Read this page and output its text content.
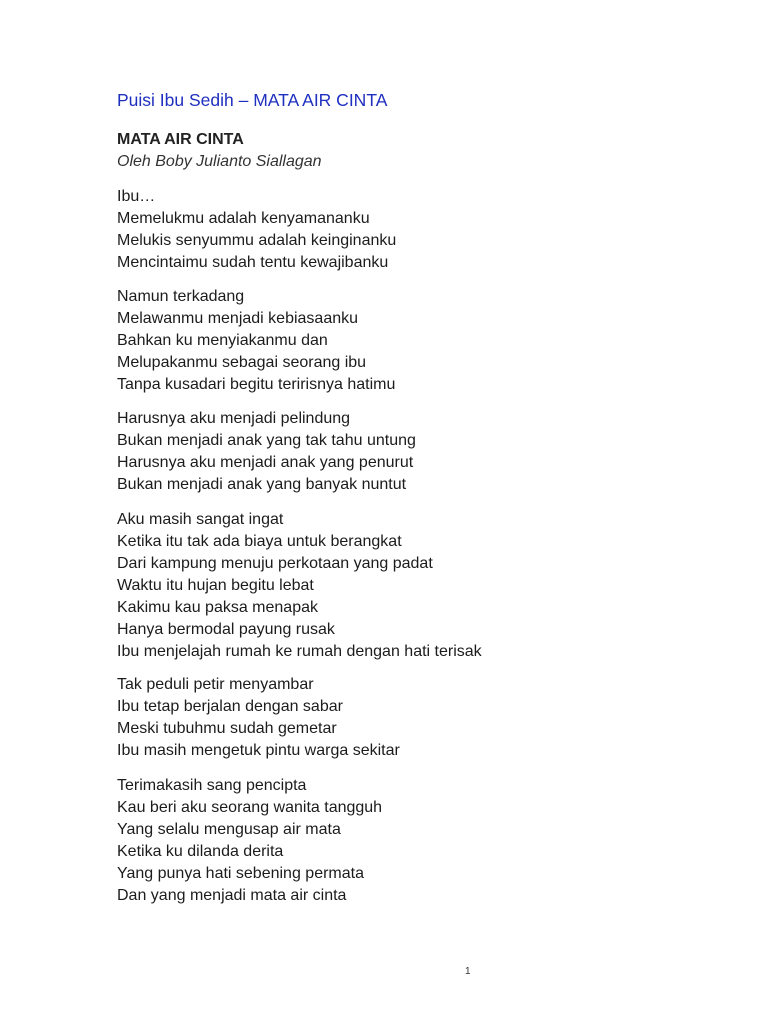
Puisi Ibu Sedih – MATA AIR CINTA
MATA AIR CINTA
Oleh Boby Julianto Siallagan
Ibu…
Memelukmu adalah kenyamananku
Melukis senyummu adalah keinginanku
Mencintaimu sudah tentu kewajibanku
Namun terkadang
Melawanmu menjadi kebiasaanku
Bahkan ku menyiakanmu dan
Melupakanmu sebagai seorang ibu
Tanpa kusadari begitu teririsnya hatimu
Harusnya aku menjadi pelindung
Bukan menjadi anak yang tak tahu untung
Harusnya aku menjadi anak yang penurut
Bukan menjadi anak yang banyak nuntut
Aku masih sangat ingat
Ketika itu tak ada biaya untuk berangkat
Dari kampung menuju perkotaan yang padat
Waktu itu hujan begitu lebat
Kakimu kau paksa menapak
Hanya bermodal payung rusak
Ibu menjelajah rumah ke rumah dengan hati terisak
Tak peduli petir menyambar
Ibu tetap berjalan dengan sabar
Meski tubuhmu sudah gemetar
Ibu masih mengetuk pintu warga sekitar
Terimakasih sang pencipta
Kau beri aku seorang wanita tangguh
Yang selalu mengusap air mata
Ketika ku dilanda derita
Yang punya hati sebening permata
Dan yang menjadi mata air cinta
1
